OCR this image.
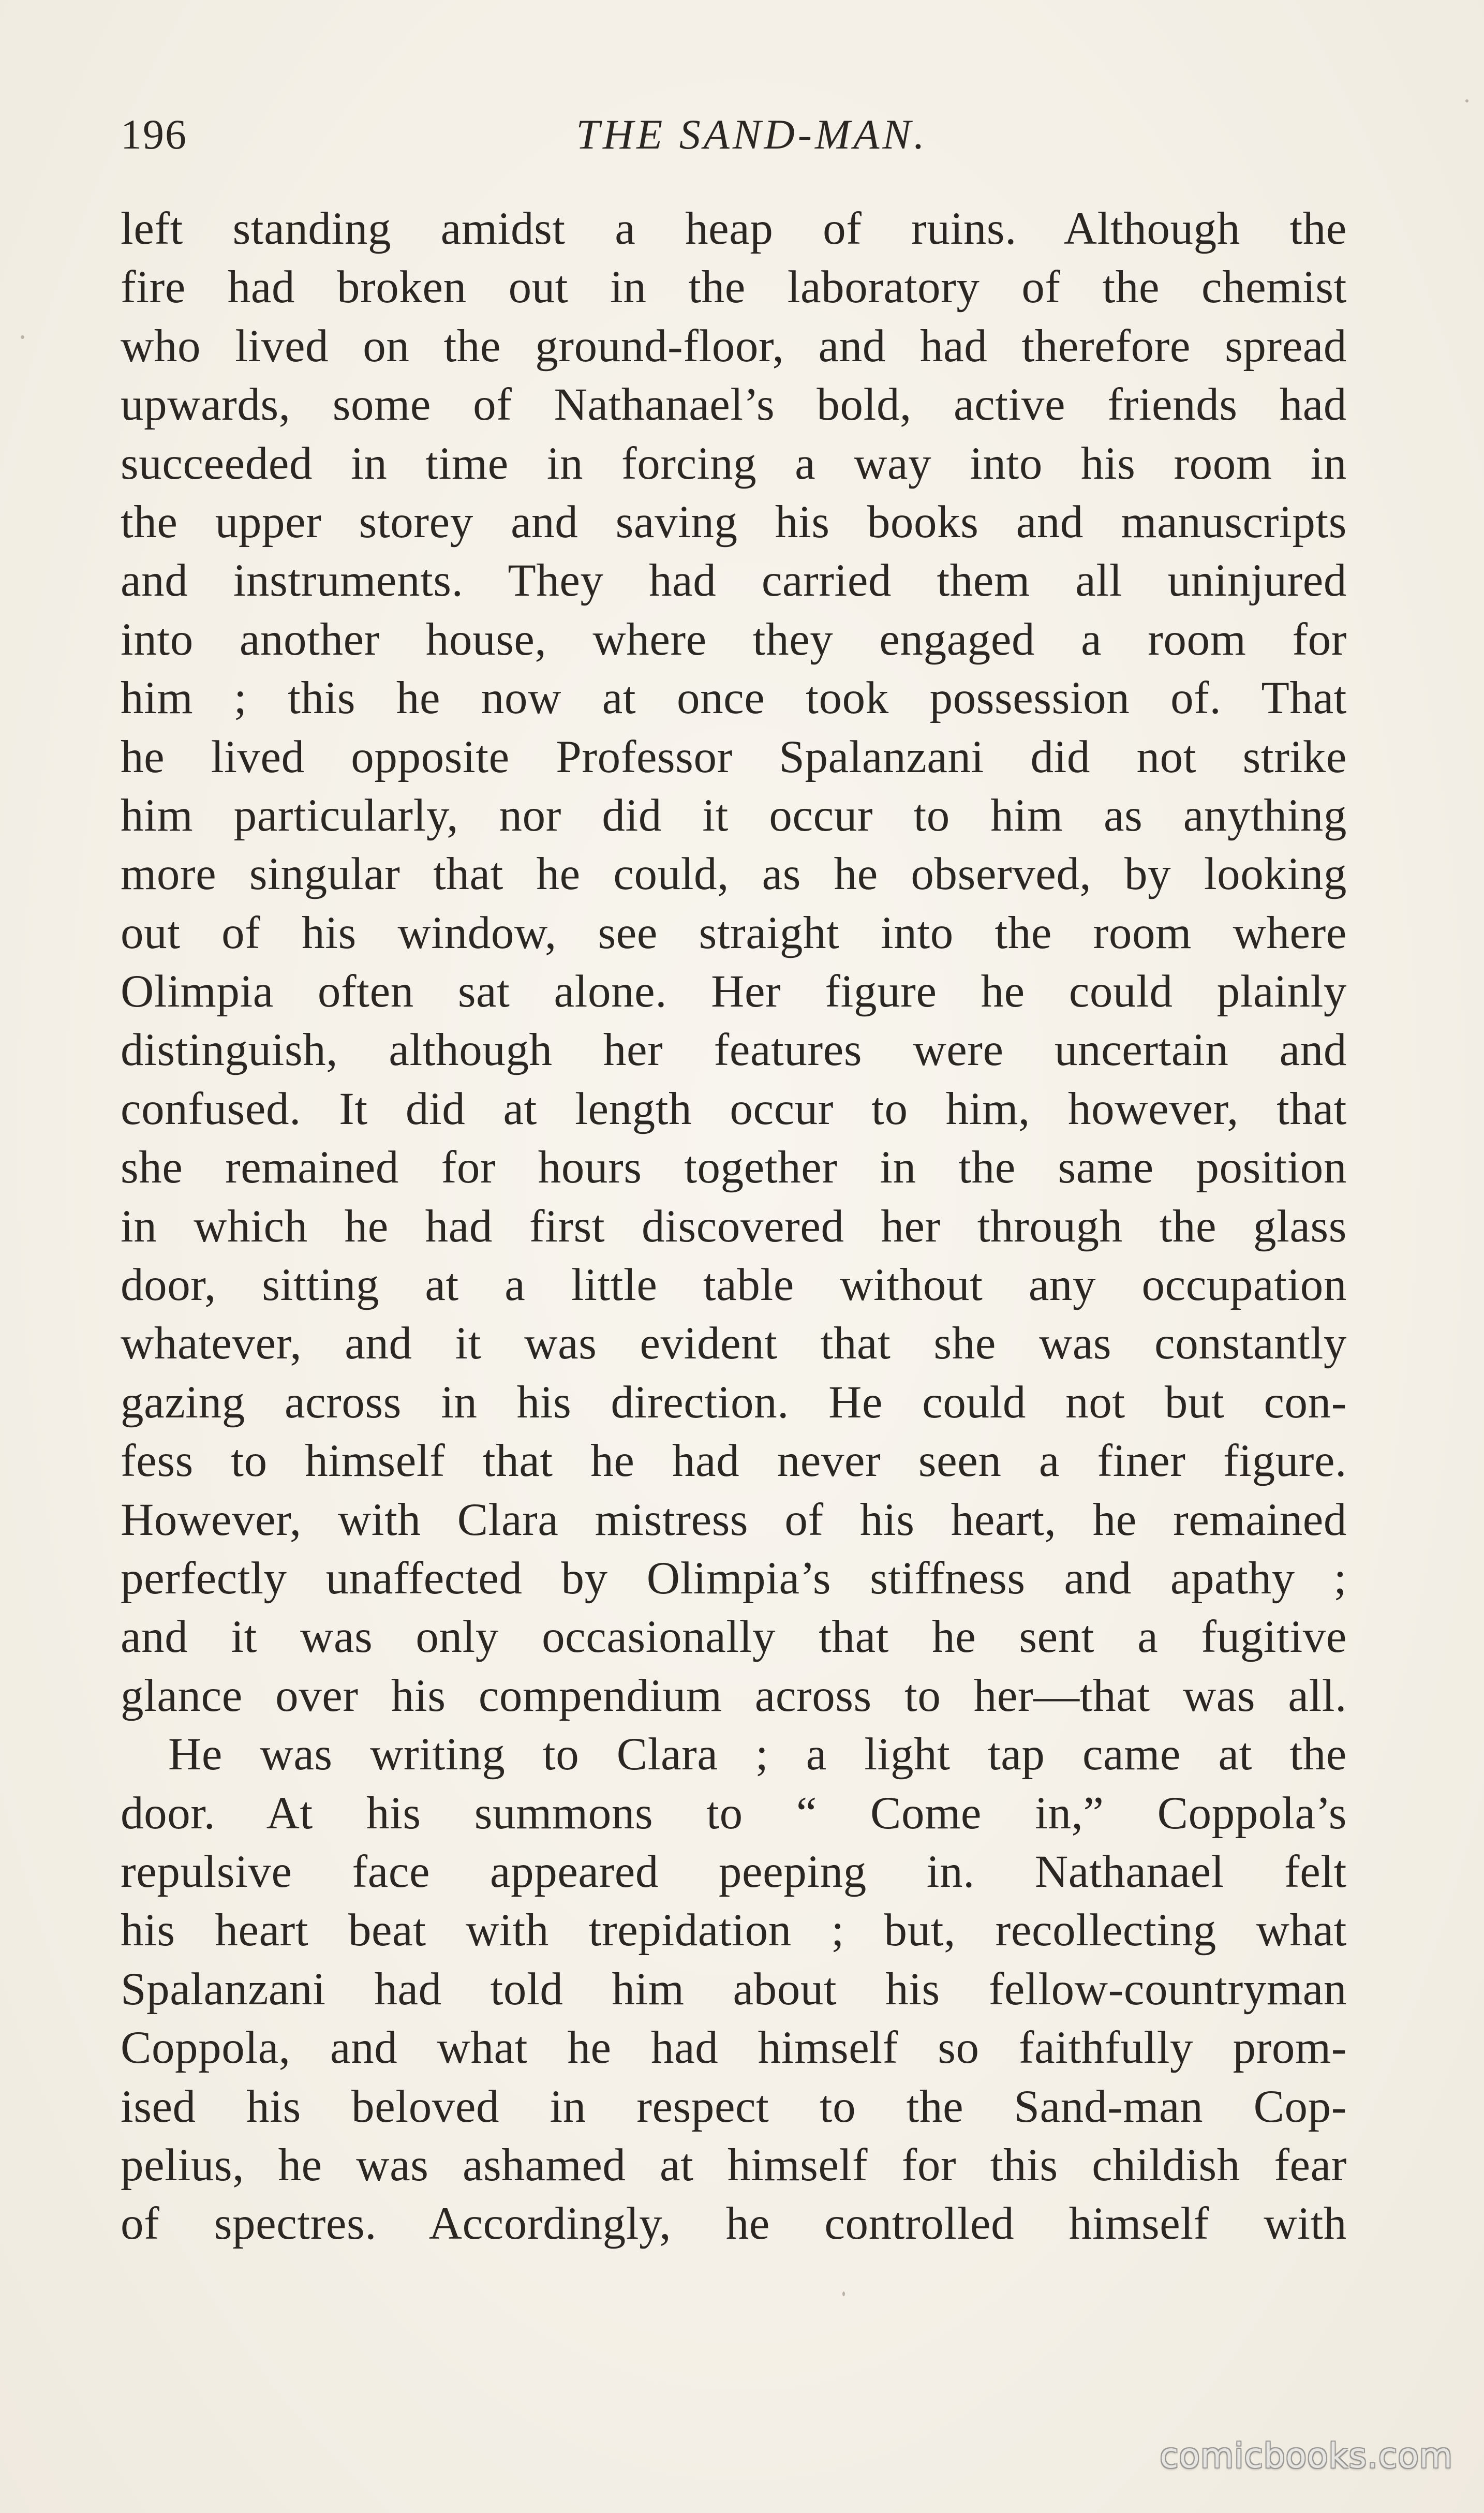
196	THE SAND-MAN.
left standing amidst a heap of ruins. Although the
fire had broken out in the laboratory of the chemist
who lived on the ground-floor, and had therefore spread
upwards, some of Nathanael’s bold, active friends had
succeeded in time in forcing a way into his room in
the upper storey and saving his books and manuscripts
and instruments. They had carried them all uninjured
into another house, where they engaged a room for
him ; this he now at once took possession of. That
he lived opposite Professor Spalanzani did not strike
him particularly, nor did it occur to him as anything
more singular that he could, as he observed, by looking
out of his window, see straight into the room where
Olimpia often sat alone. Her figure he could plainly
distinguish, although her features were uncertain and
confused. It did at length occur to him, however, that
she remained for hours together in the same position
in which he had first discovered her through the glass
door, sitting at a little table without any occupation
whatever, and it was evident that she was constantly
gazing across in his direction. He could not but con-
fess to himself that he had never seen a finer figure.
However, with Clara mistress of his heart, he remained
perfectly unaffected by Olimpia’s stiffness and apathy ;
and it was only occasionally that he sent a fugitive
glance over his compendium across to her—that was all.
He was writing to Clara ; a light tap came at the
door. At his summons to “ Come in,” Coppola’s
repulsive face appeared peeping in. Nathanael felt
his heart beat with trepidation ; but, recollecting what
Spalanzani had told him about his fellow-countryman
Coppola, and what he had himself so faithfully prom-
ised his beloved in respect to the Sand-man Cop-
pelius, he was ashamed at himself for this childish fear
of spectres. Accordingly, he controlled himself with
comicbooks.com
